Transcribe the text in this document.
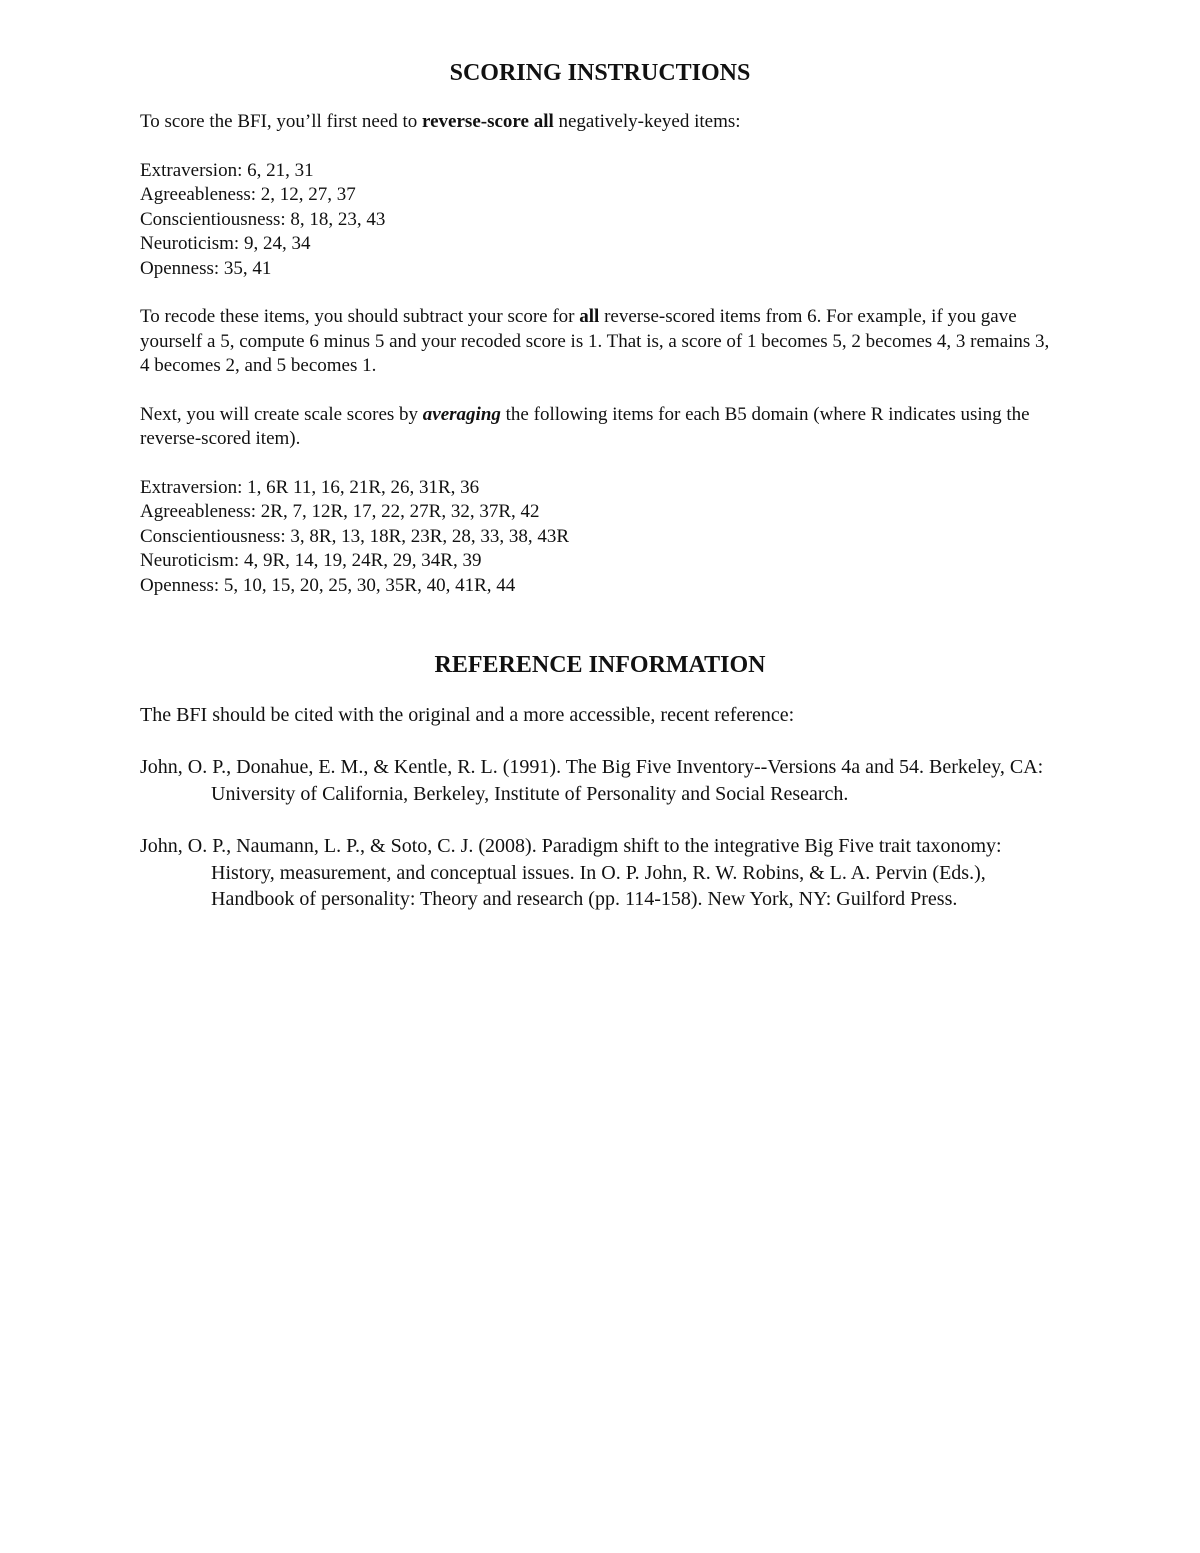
SCORING INSTRUCTIONS

To score the BFI, you’ll first need to reverse-score all negatively-keyed items:

Extraversion: 6, 21, 31
Agreeableness: 2, 12, 27, 37
Conscientiousness: 8, 18, 23, 43
Neuroticism: 9, 24, 34
Openness: 35, 41

To recode these items, you should subtract your score for all reverse-scored items from 6. For example, if you gave yourself a 5, compute 6 minus 5 and your recoded score is 1. That is, a score of 1 becomes 5, 2 becomes 4, 3 remains 3, 4 becomes 2, and 5 becomes 1.

Next, you will create scale scores by averaging the following items for each B5 domain (where R indicates using the reverse-scored item).

Extraversion: 1, 6R 11, 16, 21R, 26, 31R, 36
Agreeableness: 2R, 7, 12R, 17, 22, 27R, 32, 37R, 42
Conscientiousness: 3, 8R, 13, 18R, 23R, 28, 33, 38, 43R
Neuroticism: 4, 9R, 14, 19, 24R, 29, 34R, 39
Openness: 5, 10, 15, 20, 25, 30, 35R, 40, 41R, 44
REFERENCE INFORMATION

The BFI should be cited with the original and a more accessible, recent reference:

John, O. P., Donahue, E. M., & Kentle, R. L. (1991). The Big Five Inventory--Versions 4a and 54. Berkeley, CA: University of California, Berkeley, Institute of Personality and Social Research.

John, O. P., Naumann, L. P., & Soto, C. J. (2008). Paradigm shift to the integrative Big Five trait taxonomy: History, measurement, and conceptual issues. In O. P. John, R. W. Robins, & L. A. Pervin (Eds.), Handbook of personality: Theory and research (pp. 114-158). New York, NY: Guilford Press.
